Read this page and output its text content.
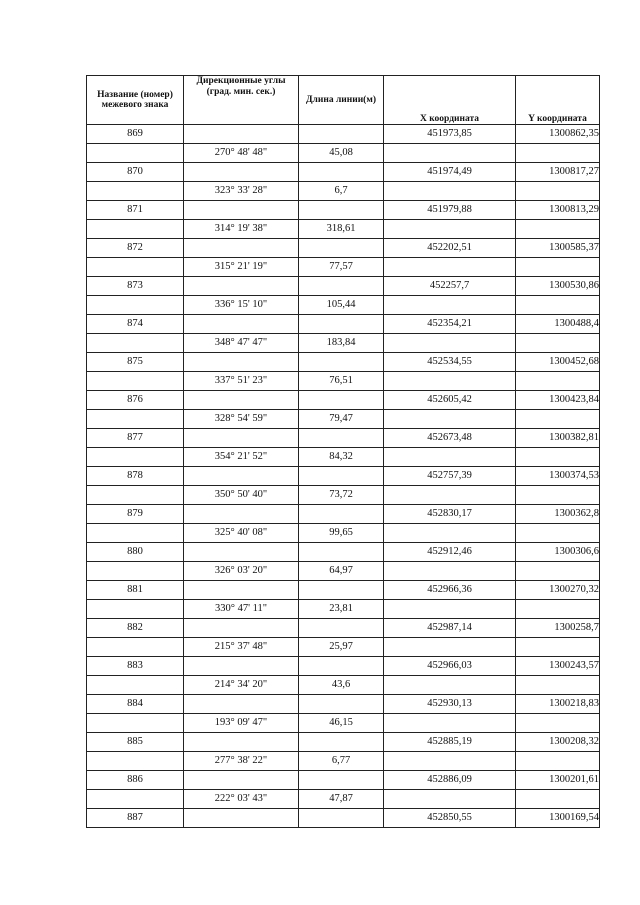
Название (номер) межевого знака	Дирекционные углы (град. мин. сек.)	Длина линии(м)	X координата	Y координата
869			451973,85	1300862,35
	270° 48' 48"	45,08		
870			451974,49	1300817,27
	323° 33' 28"	6,7		
871			451979,88	1300813,29
	314° 19' 38"	318,61		
872			452202,51	1300585,37
	315° 21' 19"	77,57		
873			452257,7	1300530,86
	336° 15' 10"	105,44		
874			452354,21	1300488,4
	348° 47' 47"	183,84		
875			452534,55	1300452,68
	337° 51' 23"	76,51		
876			452605,42	1300423,84
	328° 54' 59"	79,47		
877			452673,48	1300382,81
	354° 21' 52"	84,32		
878			452757,39	1300374,53
	350° 50' 40"	73,72		
879			452830,17	1300362,8
	325° 40' 08"	99,65		
880			452912,46	1300306,6
	326° 03' 20"	64,97		
881			452966,36	1300270,32
	330° 47' 11"	23,81		
882			452987,14	1300258,7
	215° 37' 48"	25,97		
883			452966,03	1300243,57
	214° 34' 20"	43,6		
884			452930,13	1300218,83
	193° 09' 47"	46,15		
885			452885,19	1300208,32
	277° 38' 22"	6,77		
886			452886,09	1300201,61
	222° 03' 43"	47,87		
887			452850,55	1300169,54
